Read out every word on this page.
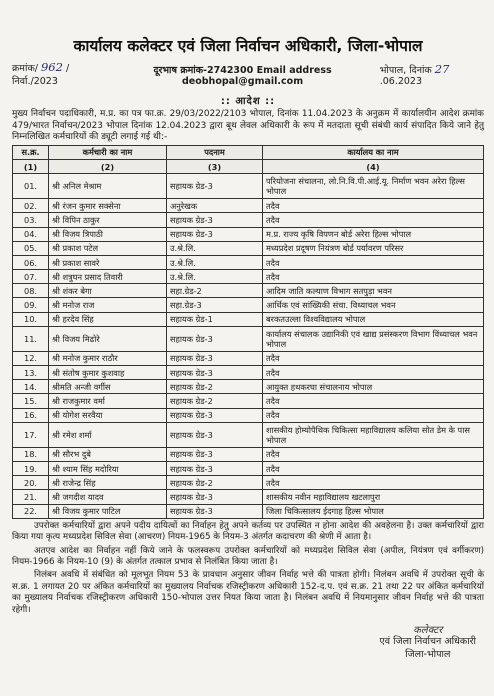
कार्यालय कलेक्टर एवं जिला निर्वाचन अधिकारी, जिला-भोपाल

क्रमांक/ 962 /निर्वा./2023
दूरभाष क्रमांक-2742300 Email address deobhopal@gmail.com
भोपाल, दिनांक 27 .06.2023
:: आदेश ::

मुख्य निर्वाचन पदाधिकारी, म.प्र. का पत्र फा.क्र. 29/03/2022/2103 भोपाल, दिनांक 11.04.2023 के अनुक्रम में कार्यालयीन आदेश क्रमांक 479/भारत निर्वाचन/2023 भोपाल दिनांक 12.04.2023 द्वारा बूथ लेवल अधिकारी के रूप में मतदाता सूची संबंधी कार्य संपादित किये जाने हेतु निम्नलिखित कर्मचारियों की ड्यूटी लगाई गई थी:-

स.क्र.	कर्मचारी का नाम	पदनाम	कार्यालय का नाम
(1)	(2)	(3)	(4)
01.	श्री अनिल मेश्राम	सहायक ग्रेड-3	परियोजना संचालना, लो.नि.वि.पी.आई.यू. निर्माण भवन अरेरा हिल्स भोपाल
02.	श्री रंजन कुमार सक्सेना	अनुरेखक	तदैव
03.	श्री विपिन ठाकुर	सहायक ग्रेड-3	तदैव
04.	श्री विजय त्रिपाठी	सहायक ग्रेड-3	म.प्र. राज्य कृषि विपणन बोर्ड अरेरा हिल्स भोपाल
05.	श्री प्रकाश पटेल	उ.श्रे.लि.	मध्यप्रदेश प्रदूषण नियंत्रण बोर्ड पर्यावरण परिसर
06.	श्री प्रकाश सावरे	उ.श्रे.लि.	तदैव
07.	श्री शत्रुघन प्रसाद तिवारी	उ.श्रे.लि.	तदैव
08.	श्री शंकर बेगा	सहा.ग्रेड-2	आदिम जाति कल्याण विभाग सतपुड़ा भवन
09.	श्री मनोज राज	सहा.ग्रेड-3	आर्थिक एवं सांख्यिकी संचा. विध्याचल भवन
10.	श्री हरदेव सिंह	सहायक ग्रेड-1	बरकतउल्ला विश्वविद्यालय भोपाल
11.	श्री विजय मिढोरे	सहायक ग्रेड-3	कार्यालय संचालक उद्यानिकी एवं खाद्य प्रसंस्करण विभाग विंध्याचल भवन भोपाल
12.	श्री मनोज कुमार राठौर	सहायक ग्रेड-3	तदैव
13.	श्री संतोष कुमार कुशवाह	सहायक ग्रेड-3	तदैव
14.	श्रीमति अन्जी वर्गीस	सहायक ग्रेड-2	आयुक्त हथकरघा संचालनाय भोपाल
15.	श्री राजकुमार वर्मा	सहायक ग्रेड-2	तदैव
16.	श्री योगेश सरवैया	सहायक ग्रेड-3	तदैव
17.	श्री रमेश शर्मा	सहायक ग्रेड-3	शासकीय होम्योपैथिक चिकित्सा महाविद्यालय कलिया सोत डेम के पास भोपाल
18.	श्री सौरभ दुबे	सहायक ग्रेड-3	तदैव
19.	श्री श्याम सिंह मदोरिया	सहायक ग्रेड-3	तदैव
20.	श्री राजेन्द्र सिंह	सहायक ग्रेड-2	तदैव
21.	श्री जगदीश यादव	सहायक ग्रेड-3	शासकीय नवीन महाविद्यालय खटलापुरा
22.	श्री विजय कुमार पाटिल	सहायक ग्रेड-3	जिला चिकित्सालय ईदगाह हिल्स भोपाल

उपरोक्त कर्मचारियों द्वारा अपने पदीय दायित्वों का निर्वाहन हेतु अपने कर्तव्य पर उपस्थित न होना आदेश की अवहेलना है। उक्त कर्मचारियों द्वारा किया गया कृत्य मध्यप्रदेश सिविल सेवा (आचरण) नियम-1965 के नियम-3 अंतर्गत कदाचरण की श्रेणी में आता है।

अतएव आदेश का निर्वाहन नहीं किये जाने के फलस्वरूप उपरोक्त कर्मचारियों को मध्यप्रदेश सिविल सेवा (अपील, नियंत्रण एवं वर्गीकरण) नियम-1966 के नियम-10 (9) के अंतर्गत तत्काल प्रभाव से निलंबित किया जाता है।

निलंबन अवधि में संबंधित को मूलभूत नियम 53 के प्रावधान अनुसार जीवन निर्वाह भत्ते की पात्रता होगी। निलंबन अवधि में उपरोक्त सूची के स.क्र. 1 लगायत 20 पर अंकित कर्मचारियों का मुख्यालय निर्वाचक रजिस्ट्रीकरण अधिकारी 152-द.प. एवं स.क्र. 21 तथा 22 पर अंकित कर्मचारियों का मुख्यालय निर्वाचक रजिस्ट्रीकरण अधिकारी 150-भोपाल उत्तर नियत किया जाता है। निलंबन अवधि में नियमानुसार जीवन निर्वाह भत्ते की पात्रता रहेगी।

कलेक्टर
एवं जिला निर्वाचन अधिकारी
जिला-भोपाल
